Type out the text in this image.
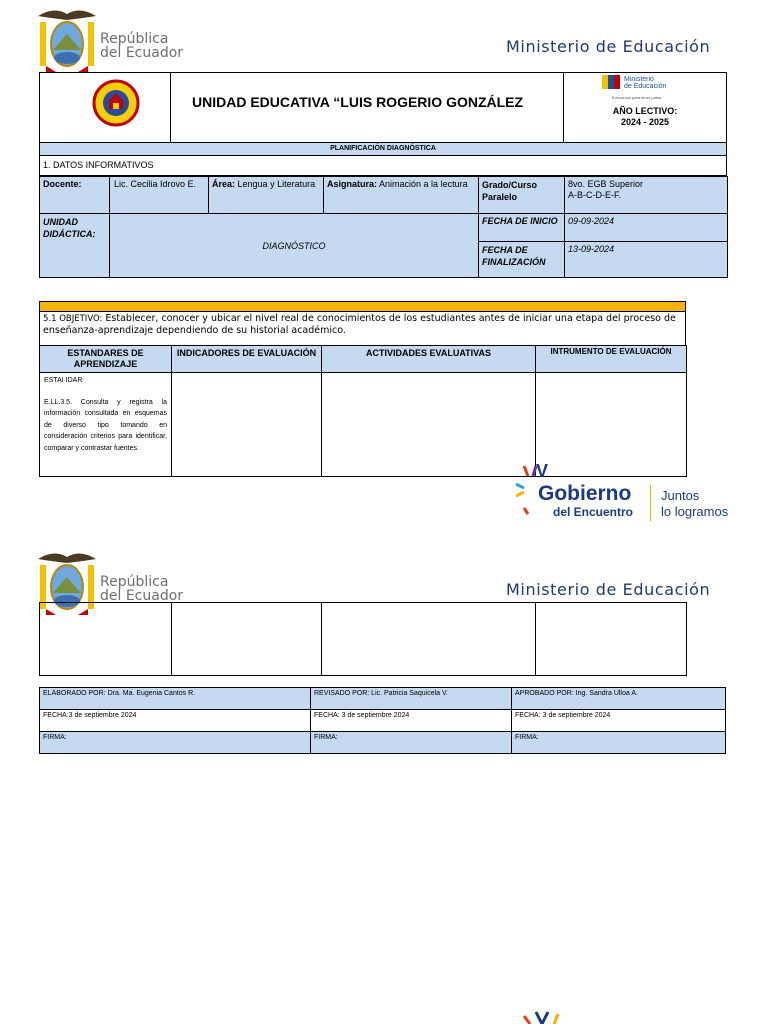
República
del Ecuador	Ministerio de Educación
UNIDAD EDUCATIVA “LUIS ROGERIO GONZÁLEZ
Ministerio
de Educación
Educamos para tener patria
AÑO LECTIVO:
2024 - 2025
PLANIFICACIÓN DIAGNÓSTICA
1. DATOS INFORMATIVOS
Docente:	Lic. Cecilia Idrovo E.	Área: Lengua y Literatura	Asignatura: Animación a la lectura	Grado/Curso Paralelo	8vo. EGB Superior
A-B-C-D-E-F.

UNIDAD DIDÁCTICA:	DIAGNÓSTICO			FECHA DE INICIO	09-09-2024
				FECHA DE FINALIZACIÓN	13-09-2024
5.1 OBJETIVO: Establecer, conocer y ubicar el nivel real de conocimientos de los estudiantes antes de iniciar una etapa del proceso de enseñanza-aprendizaje dependiendo de su historial académico.
ESTANDARES DE APRENDIZAJE	INDICADORES DE EVALUACIÓN	ACTIVIDADES EVALUATIVAS	INTRUMENTO DE EVALUACIÓN

ESTAI IDAR
E.LL.3.5. Consulta y registra la información consultada en esquemas de diverso tipo tomando en consideración criterios para identificar, comparar y contrastar fuentes.			

V
Gobierno
del Encuentro
Juntos
lo logramos
República
del Ecuador	Ministerio de Educación

ELABORADO POR: Dra. Ma. Eugenia Cantos R.	REVISADO POR: Lic. Patricia Saquicela V.	APROBADO POR: Ing. Sandra Ulloa A.
FECHA:3 de septiembre 2024	FECHA: 3 de septiembre 2024	FECHA: 3 de septiembre 2024
FIRMA:	FIRMA:	FIRMA:
